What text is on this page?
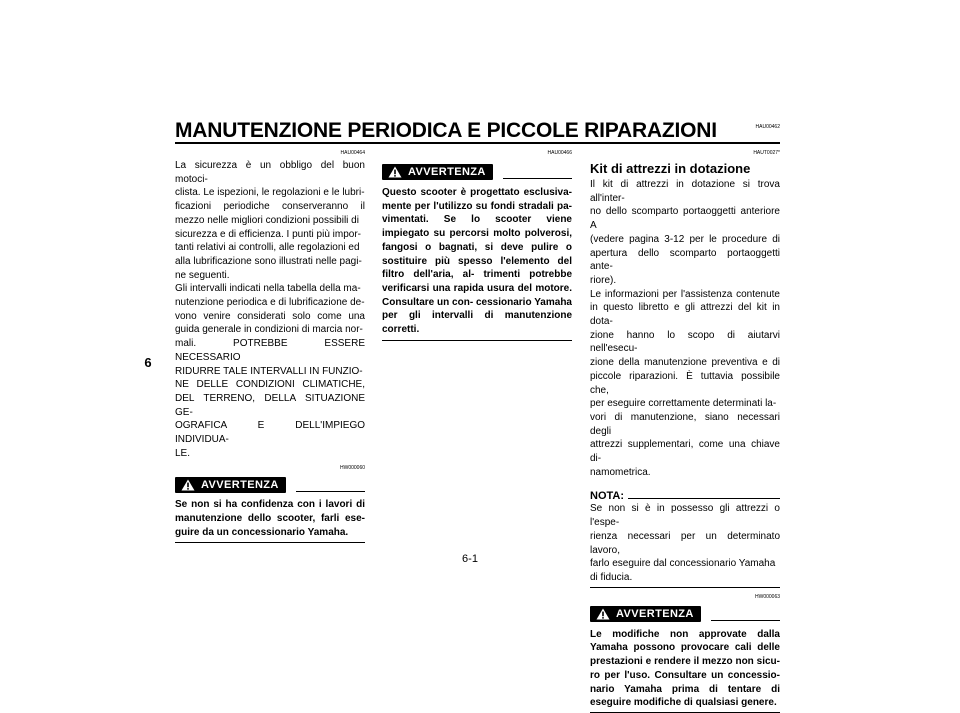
MANUTENZIONE PERIODICA E PICCOLE RIPARAZIONI	HAU00462
6
HAU00464
La sicurezza è un obbligo del buon motoci-
clista. Le ispezioni, le regolazioni e le lubri-
ficazioni periodiche conserveranno il
mezzo nelle migliori condizioni possibili di
sicurezza e di efficienza. I punti più impor-
tanti relativi ai controlli, alle regolazioni ed
alla lubrificazione sono illustrati nelle pagi-
ne seguenti.
Gli intervalli indicati nella tabella della ma-
nutenzione periodica e di lubrificazione de-
vono venire considerati solo come una
guida generale in condizioni di marcia nor-
mali. POTREBBE ESSERE NECESSARIO
RIDURRE TALE INTERVALLI IN FUNZIO-
NE DELLE CONDIZIONI CLIMATICHE,
DEL TERRENO, DELLA SITUAZIONE GE-
OGRAFICA E DELL'IMPIEGO INDIVIDUA-
LE.
HW000060
AVVERTENZA
Se non si ha confidenza con i lavori di manutenzione dello scooter, farli ese- guire da un concessionario Yamaha.
HAU00466
AVVERTENZA
Questo scooter è progettato esclusiva- mente per l'utilizzo su fondi stradali pa- vimentati. Se lo scooter viene impiegato su percorsi molto polverosi, fangosi o bagnati, si deve pulire o sostituire più spesso l'elemento del filtro dell'aria, al- trimenti potrebbe verificarsi una rapida usura del motore. Consultare un con- cessionario Yamaha per gli intervalli di manutenzione corretti.
HAUT0027*
Kit di attrezzi in dotazione
Il kit di attrezzi in dotazione si trova all'inter-
no dello scomparto portaoggetti anteriore A
(vedere pagina 3-12 per le procedure di
apertura dello scomparto portaoggetti ante-
riore).
Le informazioni per l'assistenza contenute
in questo libretto e gli attrezzi del kit in dota-
zione hanno lo scopo di aiutarvi nell'esecu-
zione della manutenzione preventiva e di
piccole riparazioni. È tuttavia possibile che,
per eseguire correttamente determinati la-
vori di manutenzione, siano necessari degli
attrezzi supplementari, come una chiave di-
namometrica.
NOTA:
Se non si è in possesso gli attrezzi o l'espe-
rienza necessari per un determinato lavoro,
farlo eseguire dal concessionario Yamaha
di fiducia.
HW000063
AVVERTENZA
Le modifiche non approvate dalla Yamaha possono provocare cali delle prestazioni e rendere il mezzo non sicu- ro per l'uso. Consultare un concessio- nario Yamaha prima di tentare di eseguire modifiche di qualsiasi genere.
6-1
